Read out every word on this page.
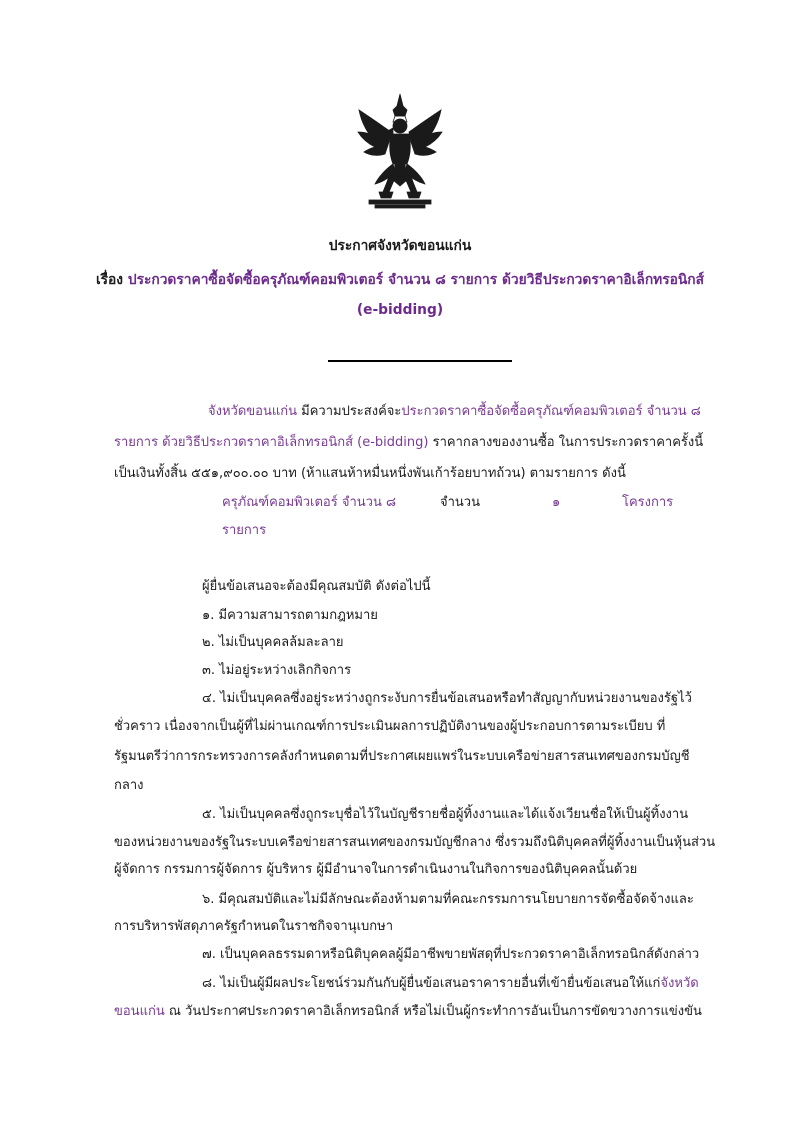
ประกาศจังหวัดขอนแก่น
เรื่อง ประกวดราคาซื้อจัดซื้อครุภัณฑ์คอมพิวเตอร์ จำนวน ๘ รายการ ด้วยวิธีประกวดราคาอิเล็กทรอนิกส์
(e-bidding)
จังหวัดขอนแก่น มีความประสงค์จะประกวดราคาซื้อจัดซื้อครุภัณฑ์คอมพิวเตอร์ จำนวน ๘
รายการ ด้วยวิธีประกวดราคาอิเล็กทรอนิกส์ (e-bidding) ราคากลางของงานซื้อ ในการประกวดราคาครั้งนี้
เป็นเงินทั้งสิ้น ๕๕๑,๙๐๐.๐๐ บาท (ห้าแสนห้าหมื่นหนึ่งพันเก้าร้อยบาทถ้วน) ตามรายการ ดังนี้
ครุภัณฑ์คอมพิวเตอร์ จำนวน ๘	จำนวน	๑	โครงการ
รายการ
ผู้ยื่นข้อเสนอจะต้องมีคุณสมบัติ ดังต่อไปนี้
๑. มีความสามารถตามกฎหมาย
๒. ไม่เป็นบุคคลล้มละลาย
๓. ไม่อยู่ระหว่างเลิกกิจการ
๔. ไม่เป็นบุคคลซึ่งอยู่ระหว่างถูกระงับการยื่นข้อเสนอหรือทำสัญญากับหน่วยงานของรัฐไว้
ชั่วคราว เนื่องจากเป็นผู้ที่ไม่ผ่านเกณฑ์การประเมินผลการปฏิบัติงานของผู้ประกอบการตามระเบียบ ที่
รัฐมนตรีว่าการกระทรวงการคลังกำหนดตามที่ประกาศเผยแพร่ในระบบเครือข่ายสารสนเทศของกรมบัญชี
กลาง
๕. ไม่เป็นบุคคลซึ่งถูกระบุชื่อไว้ในบัญชีรายชื่อผู้ทิ้งงานและได้แจ้งเวียนชื่อให้เป็นผู้ทิ้งงาน
ของหน่วยงานของรัฐในระบบเครือข่ายสารสนเทศของกรมบัญชีกลาง ซึ่งรวมถึงนิติบุคคลที่ผู้ทิ้งงานเป็นหุ้นส่วน
ผู้จัดการ กรรมการผู้จัดการ ผู้บริหาร ผู้มีอำนาจในการดำเนินงานในกิจการของนิติบุคคลนั้นด้วย
๖. มีคุณสมบัติและไม่มีลักษณะต้องห้ามตามที่คณะกรรมการนโยบายการจัดซื้อจัดจ้างและ
การบริหารพัสดุภาครัฐกำหนดในราชกิจจานุเบกษา
๗. เป็นบุคคลธรรมดาหรือนิติบุคคลผู้มีอาชีพขายพัสดุที่ประกวดราคาอิเล็กทรอนิกส์ดังกล่าว
๘. ไม่เป็นผู้มีผลประโยชน์ร่วมกันกับผู้ยื่นข้อเสนอราคารายอื่นที่เข้ายื่นข้อเสนอให้แก่จังหวัด
ขอนแก่น ณ วันประกาศประกวดราคาอิเล็กทรอนิกส์ หรือไม่เป็นผู้กระทำการอันเป็นการขัดขวางการแข่งขัน
